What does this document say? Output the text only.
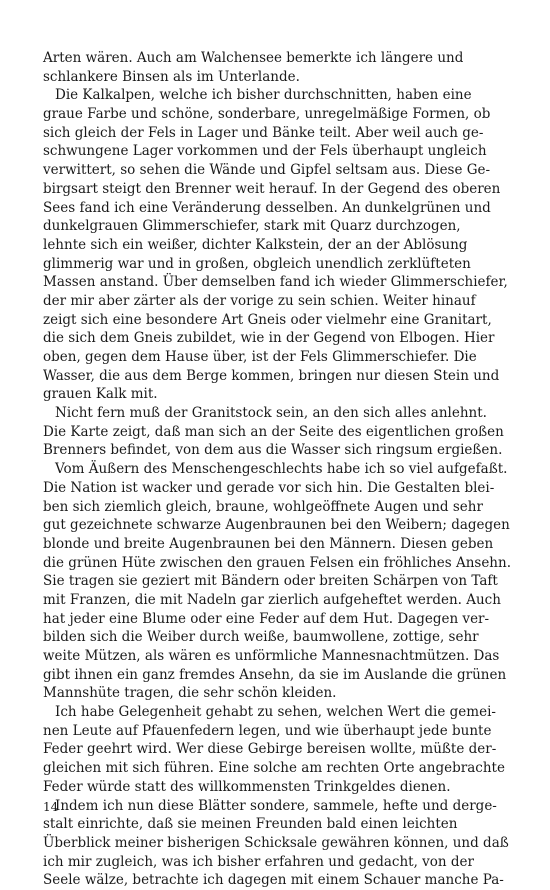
Arten wären. Auch am Walchensee bemerkte ich längere und
schlankere Binsen als im Unterlande.
Die Kalkalpen, welche ich bisher durchschnitten, haben eine
graue Farbe und schöne, sonderbare, unregelmäßige Formen, ob
sich gleich der Fels in Lager und Bänke teilt. Aber weil auch ge-
schwungene Lager vorkommen und der Fels überhaupt ungleich
verwittert, so sehen die Wände und Gipfel seltsam aus. Diese Ge-
birgsart steigt den Brenner weit herauf. In der Gegend des oberen
Sees fand ich eine Veränderung desselben. An dunkelgrünen und
dunkelgrauen Glimmerschiefer, stark mit Quarz durchzogen,
lehnte sich ein weißer, dichter Kalkstein, der an der Ablösung
glimmerig war und in großen, obgleich unendlich zerklüfteten
Massen anstand. Über demselben fand ich wieder Glimmerschiefer,
der mir aber zärter als der vorige zu sein schien. Weiter hinauf
zeigt sich eine besondere Art Gneis oder vielmehr eine Granitart,
die sich dem Gneis zubildet, wie in der Gegend von Elbogen. Hier
oben, gegen dem Hause über, ist der Fels Glimmerschiefer. Die
Wasser, die aus dem Berge kommen, bringen nur diesen Stein und
grauen Kalk mit.
Nicht fern muß der Granitstock sein, an den sich alles anlehnt.
Die Karte zeigt, daß man sich an der Seite des eigentlichen großen
Brenners befindet, von dem aus die Wasser sich ringsum ergießen.
Vom Äußern des Menschengeschlechts habe ich so viel aufgefaßt.
Die Nation ist wacker und gerade vor sich hin. Die Gestalten blei-
ben sich ziemlich gleich, braune, wohlgeöffnete Augen und sehr
gut gezeichnete schwarze Augenbraunen bei den Weibern; dagegen
blonde und breite Augenbraunen bei den Männern. Diesen geben
die grünen Hüte zwischen den grauen Felsen ein fröhliches Ansehn.
Sie tragen sie geziert mit Bändern oder breiten Schärpen von Taft
mit Franzen, die mit Nadeln gar zierlich aufgeheftet werden. Auch
hat jeder eine Blume oder eine Feder auf dem Hut. Dagegen ver-
bilden sich die Weiber durch weiße, baumwollene, zottige, sehr
weite Mützen, als wären es unförmliche Mannesnachtmützen. Das
gibt ihnen ein ganz fremdes Ansehn, da sie im Auslande die grünen
Mannshüte tragen, die sehr schön kleiden.
Ich habe Gelegenheit gehabt zu sehen, welchen Wert die gemei-
nen Leute auf Pfauenfedern legen, und wie überhaupt jede bunte
Feder geehrt wird. Wer diese Gebirge bereisen wollte, müßte der-
gleichen mit sich führen. Eine solche am rechten Orte angebrachte
Feder würde statt des willkommensten Trinkgeldes dienen.
Indem ich nun diese Blätter sondere, sammele, hefte und derge-
stalt einrichte, daß sie meinen Freunden bald einen leichten
Überblick meiner bisherigen Schicksale gewähren können, und daß
ich mir zugleich, was ich bisher erfahren und gedacht, von der
Seele wälze, betrachte ich dagegen mit einem Schauer manche Pa-
14
